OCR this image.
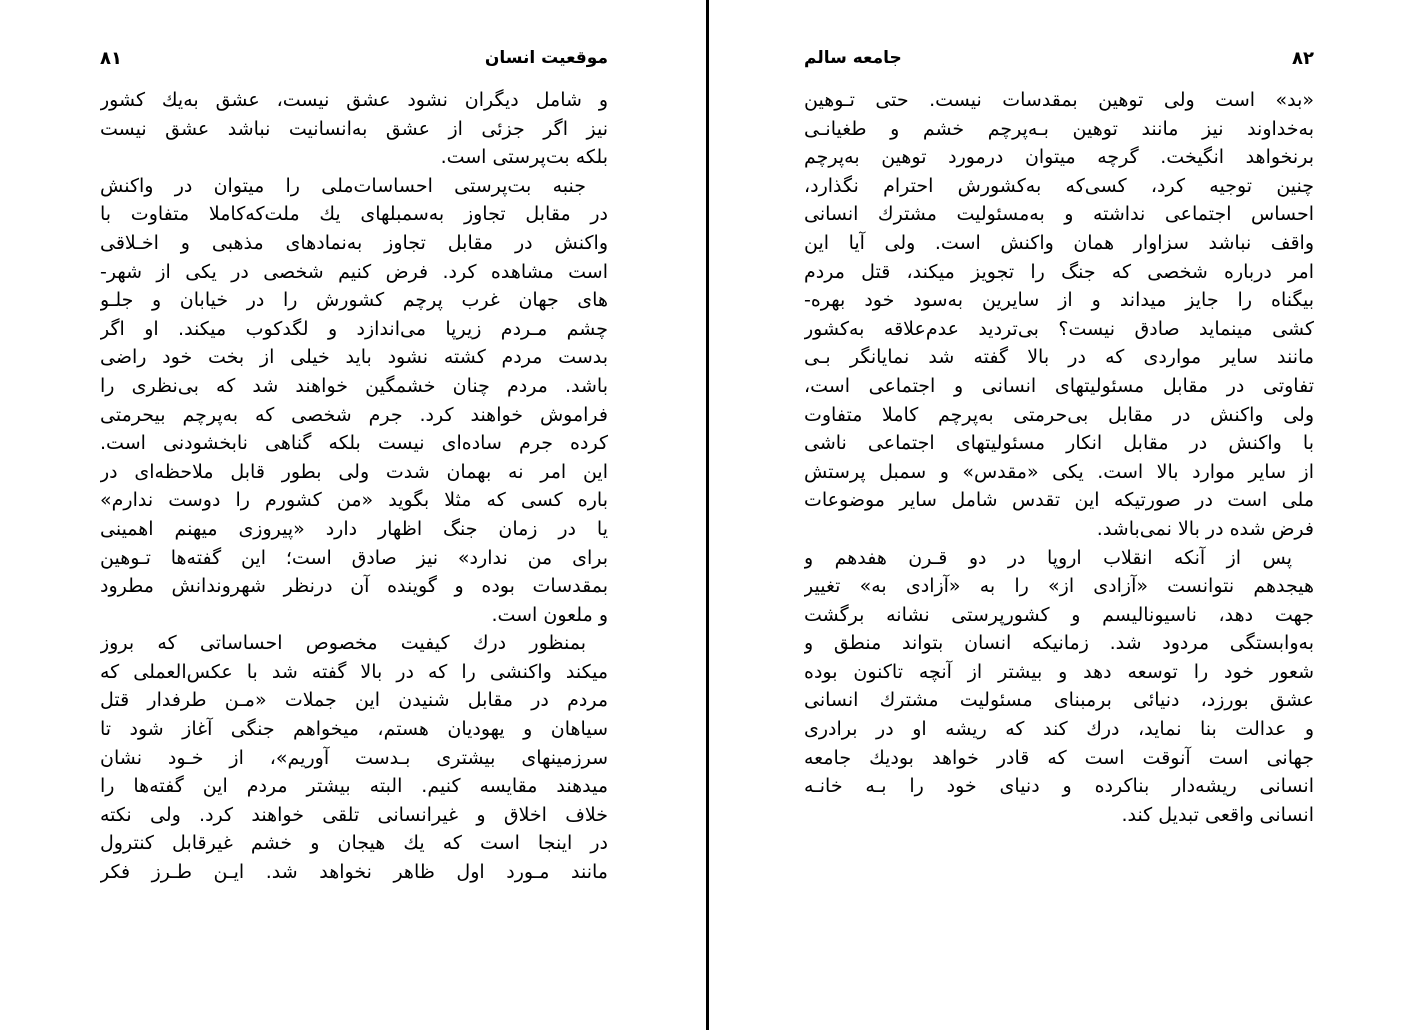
موقعیت انسان
۸۱
و شامل دیگران نشود عشق نیست، عشق به‌یك کشور
نیز اگر جزئی از عشق به‌انسانیت نباشد عشق نیست
بلکه بت‌پرستی است.
جنبه بت‌پرستی احساسات‌ملی را میتوان در واکنش
در مقابل تجاوز به‌سمبلهای یك ملت‌که‌کاملا متفاوت با
واکنش در مقابل تجاوز به‌نمادهای مذهبی و اخـلاقی
است مشاهده کرد. فرض کنیم شخصی در یکی از شهر-
های جهان غرب پرچم کشورش را در خیابان و جلـو
چشم مـردم زیرپا می‌اندازد و لگدکوب میکند. او اگر
بدست مردم کشته نشود باید خیلی از بخت خود راضی
باشد. مردم چنان خشمگین خواهند شد که بی‌نظری را
فراموش خواهند کرد. جرم شخصی که به‌پرچم بیحرمتی
کرده جرم ساده‌ای نیست بلکه گناهی نابخشودنی است.
این امر نه بهمان شدت ولی بطور قابل ملاحظه‌ای در
باره کسی که مثلا بگوید «من کشورم را دوست ندارم»
یا در زمان جنگ اظهار دارد «پیروزی میهنم اهمینی
برای من ندارد» نیز صادق است؛ این گفته‌ها تـوهین
بمقدسات بوده و گوینده آن درنظر شهروندانش مطرود
و ملعون است.
بمنظور درك کیفیت مخصوص احساساتی که بروز
میکند واکنشی را که در بالا گفته شد با عکس‌العملی که
مردم در مقابل شنیدن این جملات «مـن طرفدار قتل
سیاهان و یهودیان هستم، میخواهم جنگی آغاز شود تا
سرزمینهای بیشتری بـدست آوریم»، از خـود نشان
میدهند مقایسه کنیم. البته بیشتر مردم این گفته‌ها را
خلاف اخلاق و غیرانسانی تلقی خواهند کرد. ولی نکته
در اینجا است که یك هیجان و خشم غیرقابل کنترول
مانند مـورد اول ظاهر نخواهد شد. ایـن طـرز فکر
جامعه سالم	۸۲
«بد» است ولی توهین بمقدسات نیست. حتی تـوهین
به‌خداوند نیز مانند توهین بـه‌پرچم خشم و طغیانـی
برنخواهد انگیخت. گرچه میتوان درمورد توهین به‌پرچم
چنین توجیه کرد، کسی‌که به‌کشورش احترام نگذارد،
احساس اجتماعی نداشته و به‌مسئولیت مشترك انسانی
واقف نباشد سزاوار همان واکنش است. ولی آیا این
امر درباره شخصی که جنگ را تجویز میکند، قتل مردم
بیگناه را جایز میداند و از سایرین به‌سود خود بهره-
کشی مینماید صادق نیست؟ بی‌تردید عدم‌علاقه به‌کشور
مانند سایر مواردی که در بالا گفته شد نمایانگر بـی
تفاوتی در مقابل مسئولیتهای انسانی و اجتماعی است،
ولی واکنش در مقابل بی‌حرمتی به‌پرچم کاملا متفاوت
با واکنش در مقابل انکار مسئولیتهای اجتماعی ناشی
از سایر موارد بالا است. یکی «مقدس» و سمبل پرستش
ملی است در صورتیکه این تقدس شامل سایر موضوعات
فرض شده در بالا نمی‌باشد.
پس از آنکه انقلاب اروپا در دو قـرن هفدهم و
هیجدهم نتوانست «آزادی از» را به «آزادی به» تغییر
جهت دهد، ناسیونالیسم و کشورپرستی نشانه برگشت
به‌وابستگی مردود شد. زمانیکه انسان بتواند منطق و
شعور خود را توسعه دهد و بیشتر از آنچه تاکنون بوده
عشق بورزد، دنیائی برمبنای مسئولیت مشترك انسانی
و عدالت بنا نماید، درك کند که ریشه او در برادری
جهانی است آنوقت است که قادر خواهد بودیك جامعه
انسانی ریشه‌دار بناکرده و دنیای خود را بـه خانـه
انسانی واقعی تبدیل کند.
